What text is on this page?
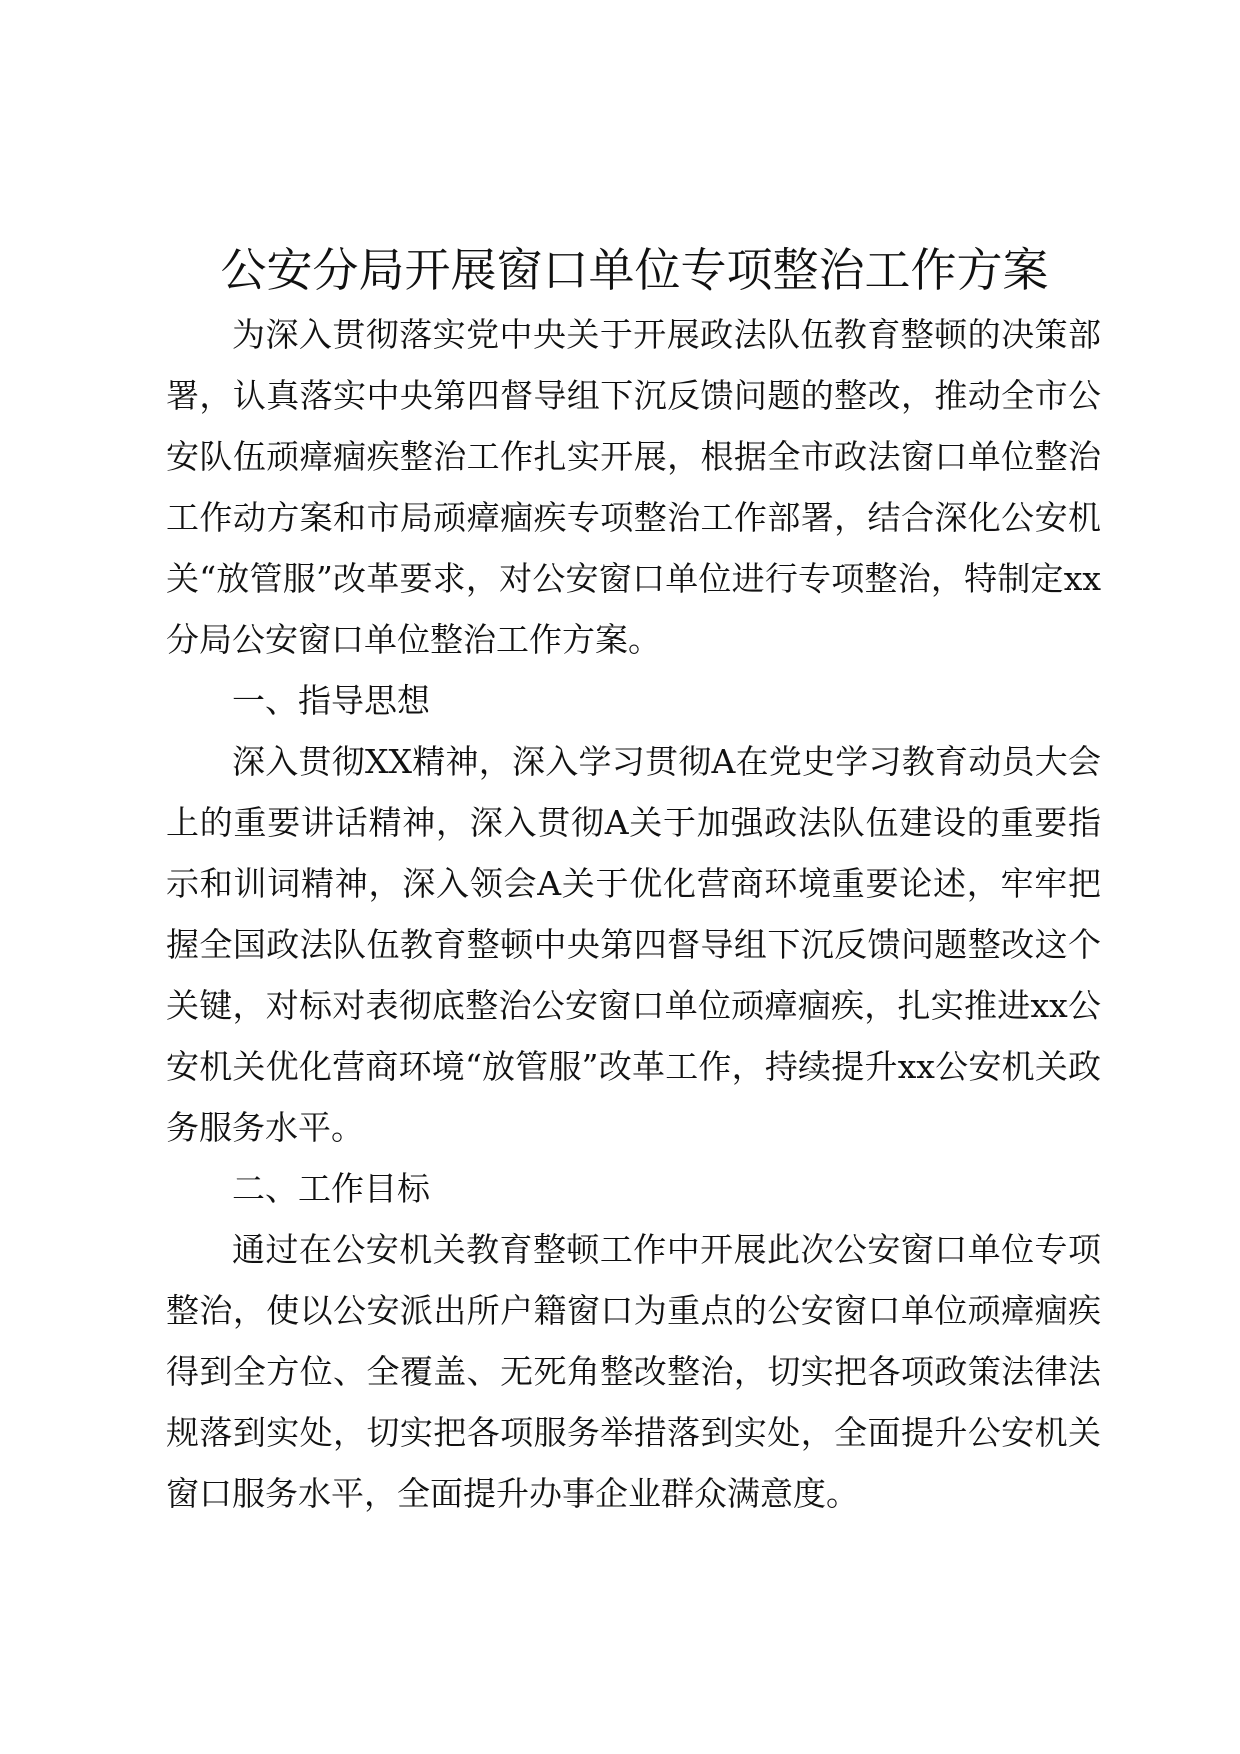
公安分局开展窗口单位专项整治工作方案

为深入贯彻落实党中央关于开展政法队伍教育整顿的决策部署，认真落实中央第四督导组下沉反馈问题的整改，推动全市公安队伍顽瘴痼疾整治工作扎实开展，根据全市政法窗口单位整治工作动方案和市局顽瘴痼疾专项整治工作部署，结合深化公安机关“放管服”改革要求，对公安窗口单位进行专项整治，特制定xx分局公安窗口单位整治工作方案。

一、指导思想

深入贯彻XX精神，深入学习贯彻A在党史学习教育动员大会上的重要讲话精神，深入贯彻A关于加强政法队伍建设的重要指示和训词精神，深入领会A关于优化营商环境重要论述，牢牢把握全国政法队伍教育整顿中央第四督导组下沉反馈问题整改这个关键，对标对表彻底整治公安窗口单位顽瘴痼疾，扎实推进xx公安机关优化营商环境“放管服”改革工作，持续提升xx公安机关政务服务水平。

二、工作目标

通过在公安机关教育整顿工作中开展此次公安窗口单位专项整治，使以公安派出所户籍窗口为重点的公安窗口单位顽瘴痼疾得到全方位、全覆盖、无死角整改整治，切实把各项政策法律法规落到实处，切实把各项服务举措落到实处，全面提升公安机关窗口服务水平，全面提升办事企业群众满意度。
